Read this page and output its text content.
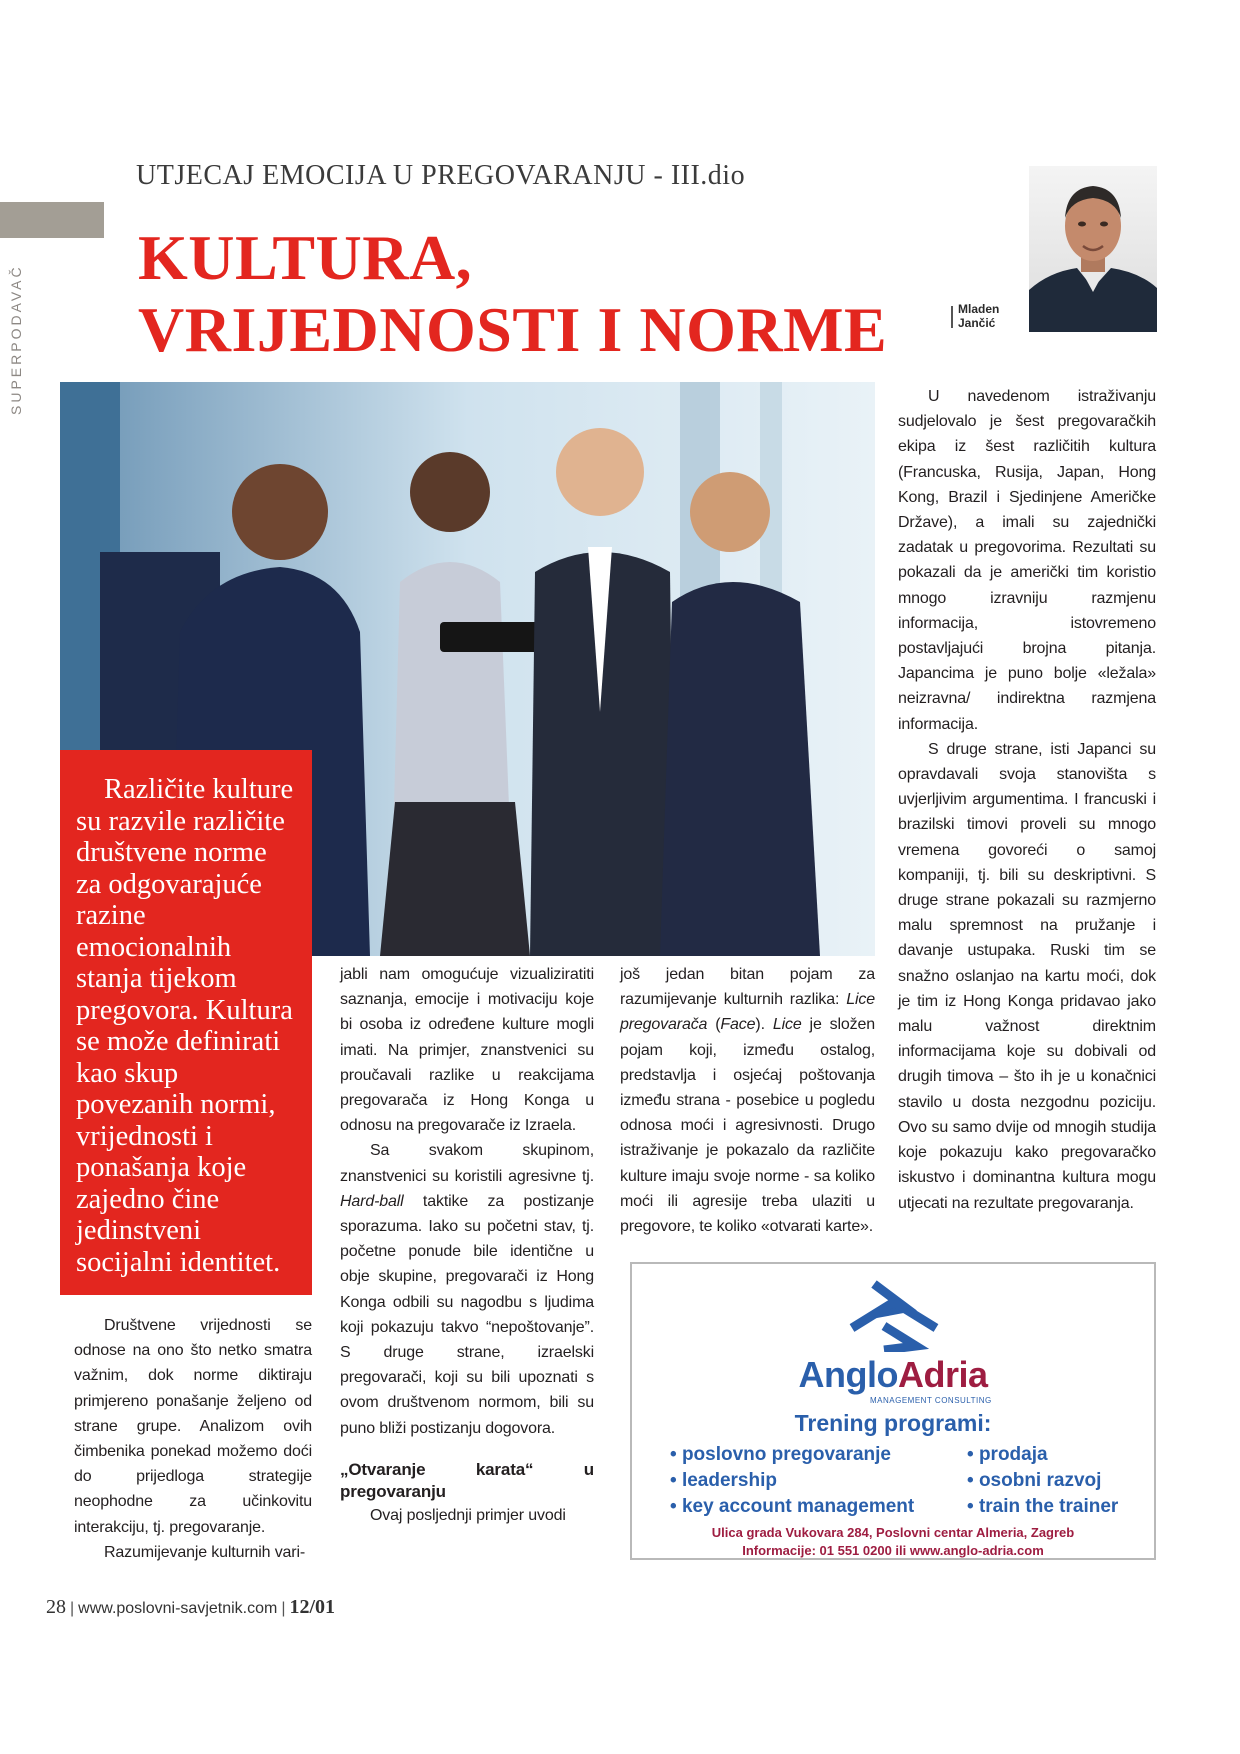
SUPERPODAVAČ
UTJECAJ EMOCIJA U PREGOVARANJU - III.dio
KULTURA,
VRIJEDNOSTI I NORME	Mladen
Jančić
Različite kulture su razvile različite društvene norme za odgovarajuće razine emocionalnih stanja tijekom pregovora. Kultura se može definirati kao skup povezanih normi, vrijednosti i ponašanja koje zajedno čine jedinstveni socijalni identitet.

Društvene vrijednosti se odnose na ono što netko smatra važnim, dok norme diktiraju primjereno ponašanje željeno od strane grupe. Analizom ovih čimbenika ponekad možemo doći do prijedloga strategije neophodne za učinkovitu interakciju, tj. pregovaranje.

Razumijevanje kulturnih vari-

jabli nam omogućuje vizualiziratiti saznanja, emocije i motivaciju koje bi osoba iz određene kulture mogli imati. Na primjer, znanstvenici su proučavali razlike u reakcijama pregovarača iz Hong Konga u odnosu na pregovarače iz Izraela.

Sa svakom skupinom, znanstvenici su koristili agresivne tj. Hard-ball taktike za postizanje sporazuma. Iako su početni stav, tj. početne ponude bile identične u obje skupine, pregovarači iz Hong Konga odbili su nagodbu s ljudima koji pokazuju takvo “nepoštovanje”. S druge strane, izraelski pregovarači, koji su bili upoznati s ovom društvenom normom, bili su puno bliži postizanju dogovora.

„Otvaranje karata“ u pregovaranju

Ovaj posljednji primjer uvodi

još jedan bitan pojam za razumijevanje kulturnih razlika: Lice pregovarača (Face). Lice je složen pojam koji, između ostalog, predstavlja i osjećaj poštovanja između strana - posebice u pogledu odnosa moći i agresivnosti. Drugo istraživanje je pokazalo da različite kulture imaju svoje norme - sa koliko moći ili agresije treba ulaziti u pregovore, te koliko «otvarati karte».

U navedenom istraživanju sudjelovalo je šest pregovaračkih ekipa iz šest različitih kultura (Francuska, Rusija, Japan, Hong Kong, Brazil i Sjedinjene Američke Države), a imali su zajednički zadatak u pregovorima. Rezultati su pokazali da je američki tim koristio mnogo izravniju razmjenu informacija, istovremeno postavljajući brojna pitanja. Japancima je puno bolje «ležala» neizravna/ indirektna razmjena informacija.

S druge strane, isti Japanci su opravdavali svoja stanovišta s uvjerljivim argumentima. I francuski i brazilski timovi proveli su mnogo vremena govoreći o samoj kompaniji, tj. bili su deskriptivni. S druge strane pokazali su razmjerno malu spremnost na pružanje i davanje ustupaka. Ruski tim se snažno oslanjao na kartu moći, dok je tim iz Hong Konga pridavao jako malu važnost direktnim informacijama koje su dobivali od drugih timova – što ih je u konačnici stavilo u dosta nezgodnu poziciju. Ovo su samo dvije od mnogih studija koje pokazuju kako pregovaračko iskustvo i dominantna kultura mogu utjecati na rezultate pregovaranja.

AngloAdria
MANAGEMENT CONSULTING
Trening programi:
• poslovno pregovaranje
• leadership
• key account management
• prodaja
• osobni razvoj
• train the trainer
Ulica grada Vukovara 284, Poslovni centar Almeria, Zagreb
Informacije: 01 551 0200 ili www.anglo-adria.com
28 | www.poslovni-savjetnik.com | 12/01
